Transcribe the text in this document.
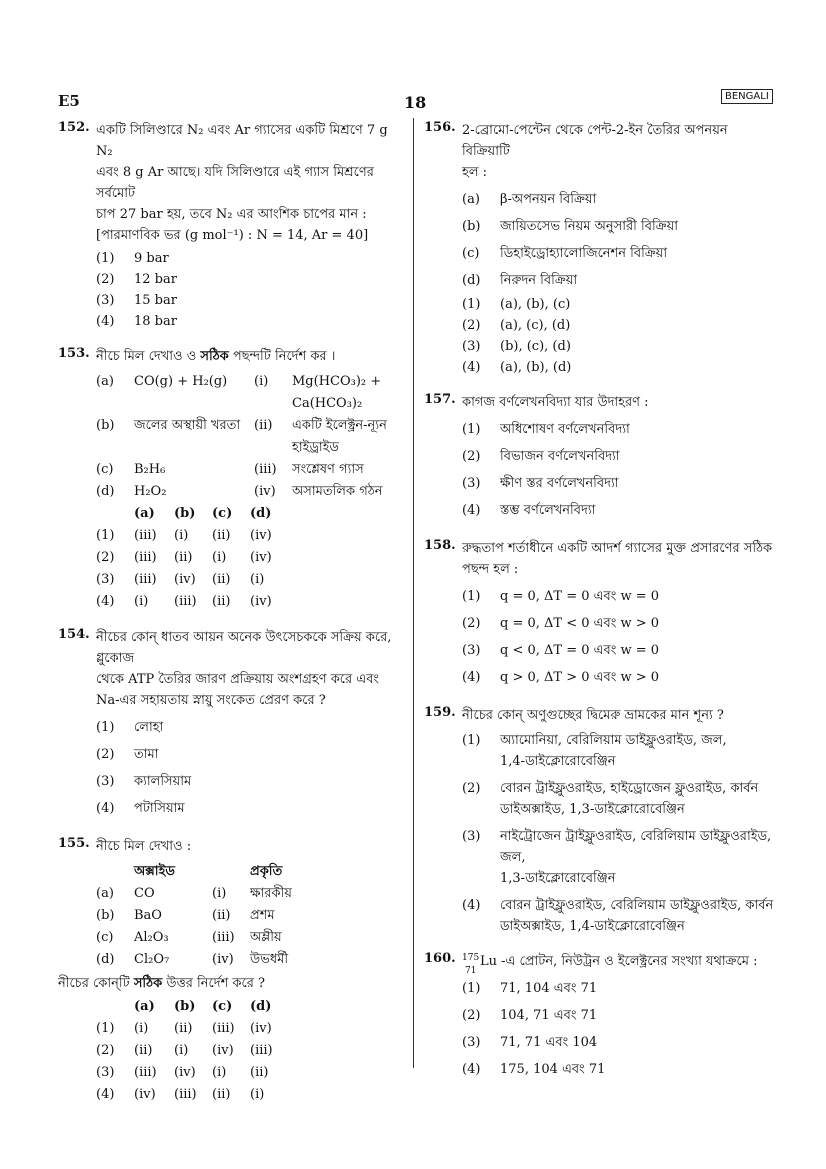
E5	18	BENGALI
152. একটি সিলিণ্ডারে N₂ এবং Ar গ্যাসের একটি মিশ্রণে 7 g N₂
এবং 8 g Ar আছে। যদি সিলিণ্ডারে এই গ্যাস মিশ্রণের সর্বমোট
চাপ 27 bar হয়, তবে N₂ এর আংশিক চাপের মান :
[পারমাণবিক ভর (g mol⁻¹) : N = 14, Ar = 40]
(1)	9 bar
(2)	12 bar
(3)	15 bar
(4)	18 bar
153. নীচে মিল দেখাও ও সঠিক পছন্দটি নির্দেশ কর ।
(a)	CO(g) + H₂(g)	(i)	Mg(HCO₃)₂ +
			Ca(HCO₃)₂
(b)	জলের অস্থায়ী খরতা	(ii)	একটি ইলেক্ট্রন-ন্যূন
			হাইড্রাইড
(c)	B₂H₆	(iii)	সংশ্লেষণ গ্যাস
(d)	H₂O₂	(iv)	অসামতলিক গঠন
	(a)	(b)	(c)	(d)
(1)	(iii)	(i)	(ii)	(iv)
(2)	(iii)	(ii)	(i)	(iv)
(3)	(iii)	(iv)	(ii)	(i)
(4)	(i)	(iii)	(ii)	(iv)
154. নীচের কোন্ ধাতব আয়ন অনেক উৎসেচককে সক্রিয় করে, গ্লুকোজ
থেকে ATP তৈরির জারণ প্রক্রিয়ায় অংশগ্রহণ করে এবং
Na-এর সহায়তায় স্নায়ু সংকেত প্রেরণ করে ?
(1)	লোহা
(2)	তামা
(3)	ক্যালসিয়াম
(4)	পটাসিয়াম
155. নীচে মিল দেখাও :
	অক্সাইড		প্রকৃতি
(a)	CO	(i)	ক্ষারকীয়
(b)	BaO	(ii)	প্রশম
(c)	Al₂O₃	(iii)	অম্লীয়
(d)	Cl₂O₇	(iv)	উভধর্মী
নীচের কোন্‌টি সঠিক উত্তর নির্দেশ করে ?
	(a)	(b)	(c)	(d)
(1)	(i)	(ii)	(iii)	(iv)
(2)	(ii)	(i)	(iv)	(iii)
(3)	(iii)	(iv)	(i)	(ii)
(4)	(iv)	(iii)	(ii)	(i)
156. 2-ব্রোমো-পেন্টেন থেকে পেন্ট-2-ইন তৈরির অপনয়ন বিক্রিয়াটি
হল :
(a)	β-অপনয়ন বিক্রিয়া
(b)	জায়িতসেভ নিয়ম অনুসারী বিক্রিয়া
(c)	ডিহাইড্রোহ্যালোজিনেশন বিক্রিয়া
(d)	নিরুদন বিক্রিয়া
(1)	(a), (b), (c)
(2)	(a), (c), (d)
(3)	(b), (c), (d)
(4)	(a), (b), (d)
157. কাগজ বর্ণলেখনবিদ্যা যার উদাহরণ :
(1)	অধিশোষণ বর্ণলেখনবিদ্যা
(2)	বিভাজন বর্ণলেখনবিদ্যা
(3)	ক্ষীণ স্তর বর্ণলেখনবিদ্যা
(4)	স্তম্ভ বর্ণলেখনবিদ্যা
158. রুদ্ধতাপ শর্তাধীনে একটি আদর্শ গ্যাসের মুক্ত প্রসারণের সঠিক
পছন্দ হল :
(1)	q = 0, ΔT = 0 এবং w = 0
(2)	q = 0, ΔT < 0 এবং w > 0
(3)	q < 0, ΔT = 0 এবং w = 0
(4)	q > 0, ΔT > 0 এবং w > 0
159. নীচের কোন্ অণুগুচ্ছের দ্বিমেরু ভ্রামকের মান শূন্য ?
(1)	অ্যামোনিয়া, বেরিলিয়াম ডাইফ্লুওরাইড, জল,
1,4-ডাইক্লোরোবেঞ্জিন
(2)	বোরন ট্রাইফ্লুওরাইড, হাইড্রোজেন ফ্লুওরাইড, কার্বন
ডাইঅক্সাইড, 1,3-ডাইক্লোরোবেঞ্জিন
(3)	নাইট্রোজেন ট্রাইফ্লুওরাইড, বেরিলিয়াম ডাইফ্লুওরাইড, জল,
1,3-ডাইক্লোরোবেঞ্জিন
(4)	বোরন ট্রাইফ্লুওরাইড, বেরিলিয়াম ডাইফ্লুওরাইড, কার্বন
ডাইঅক্সাইড, 1,4-ডাইক্লোরোবেঞ্জিন
160. 175
71
Lu -এ প্রোটন, নিউট্রন ও ইলেক্ট্রনের সংখ্যা যথাক্রমে :
(1)	71, 104 এবং 71
(2)	104, 71 এবং 71
(3)	71, 71 এবং 104
(4)	175, 104 এবং 71
